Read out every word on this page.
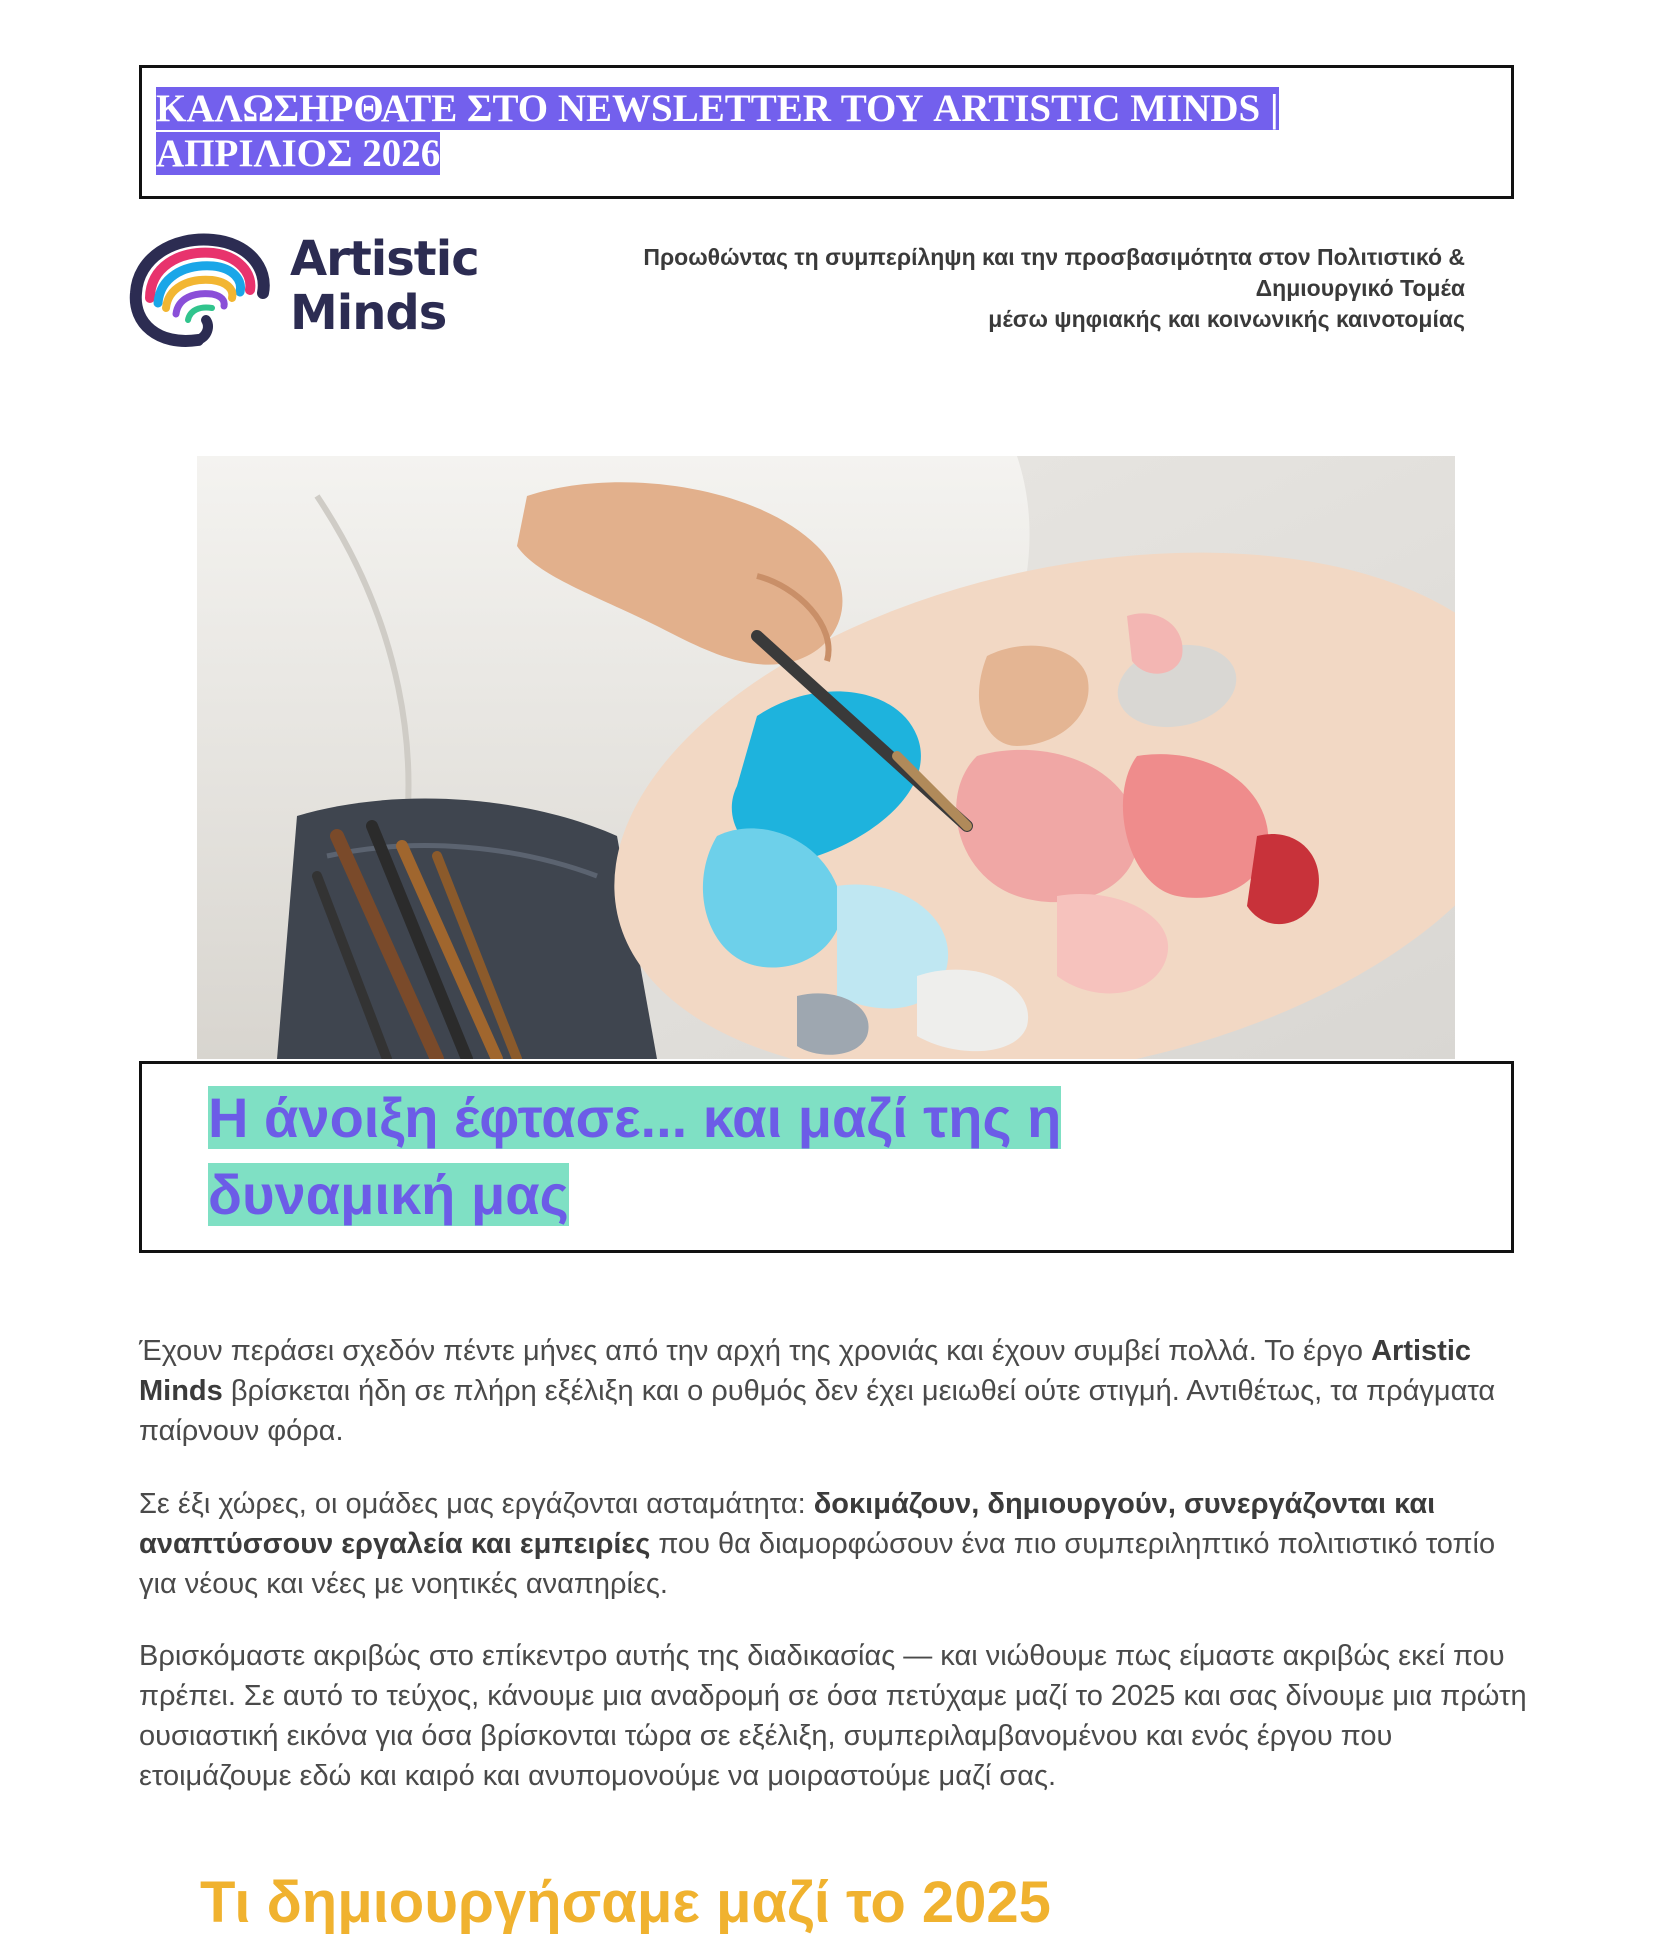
ΚΑΛΩΣΗΡΘΑΤΕ ΣΤΟ NEWSLETTER ΤΟΥ ARTISTIC MINDS |
ΑΠΡΙΛΙΟΣ 2026
Artistic
Minds
Προωθώντας τη συμπερίληψη και την προσβασιμότητα στον Πολιτιστικό &
Δημιουργικό Τομέα
μέσω ψηφιακής και κοινωνικής καινοτομίας
Η άνοιξη έφτασε... και μαζί της η
δυναμική μας

Έχουν περάσει σχεδόν πέντε μήνες από την αρχή της χρονιάς και έχουν συμβεί πολλά. Το έργο Artistic Minds βρίσκεται ήδη σε πλήρη εξέλιξη και ο ρυθμός δεν έχει μειωθεί ούτε στιγμή. Αντιθέτως, τα πράγματα παίρνουν φόρα.

Σε έξι χώρες, οι ομάδες μας εργάζονται ασταμάτητα: δοκιμάζουν, δημιουργούν, συνεργάζονται και αναπτύσσουν εργαλεία και εμπειρίες που θα διαμορφώσουν ένα πιο συμπεριληπτικό πολιτιστικό τοπίο για νέους και νέες με νοητικές αναπηρίες.

Βρισκόμαστε ακριβώς στο επίκεντρο αυτής της διαδικασίας — και νιώθουμε πως είμαστε ακριβώς εκεί που πρέπει. Σε αυτό το τεύχος, κάνουμε μια αναδρομή σε όσα πετύχαμε μαζί το 2025 και σας δίνουμε μια πρώτη ουσιαστική εικόνα για όσα βρίσκονται τώρα σε εξέλιξη, συμπεριλαμβανομένου και ενός έργου που ετοιμάζουμε εδώ και καιρό και ανυπομονούμε να μοιραστούμε μαζί σας.

Τι δημιουργήσαμε μαζί το 2025
